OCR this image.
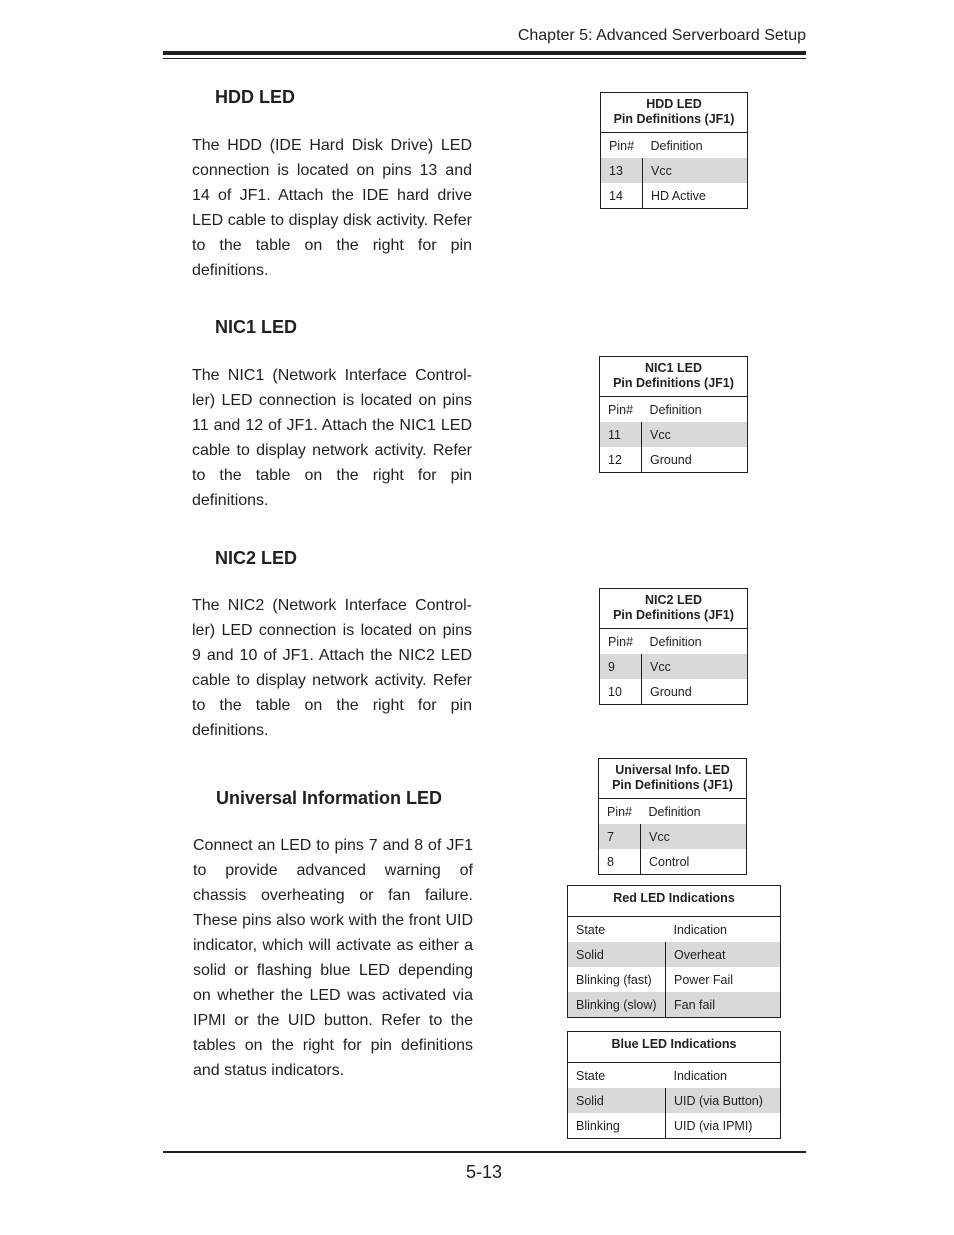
Chapter 5: Advanced Serverboard Setup
HDD LED
The HDD (IDE Hard Disk Drive) LED connection is located on pins 13 and 14 of JF1. Attach the IDE hard drive LED cable to display disk activity. Refer to the table on the right for pin definitions.
HDD LED
Pin Definitions (JF1)	
Pin#	Definition
13	Vcc
14	HD Active
NIC1 LED
The NIC1 (Network Interface Control-ler) LED connection is located on pins 11 and 12 of JF1. Attach the NIC1 LED cable to display network activity. Refer to the table on the right for pin definitions.
NIC1 LED
Pin Definitions (JF1)	
Pin#	Definition
11	Vcc
12	Ground
NIC2 LED
The NIC2 (Network Interface Control-ler) LED connection is located on pins 9 and 10 of JF1. Attach the NIC2 LED cable to display network activity. Refer to the table on the right for pin definitions.
NIC2 LED
Pin Definitions (JF1)	
Pin#	Definition
9	Vcc
10	Ground
Universal Information LED
Connect an LED to pins 7 and 8 of JF1 to provide advanced warning of chassis overheating or fan failure. These pins also work with the front UID indicator, which will activate as either a solid or flashing blue LED depending on whether the LED was activated via IPMI or the UID button. Refer to the tables on the right for pin definitions and status indicators.
Universal Info. LED
Pin Definitions (JF1)	
Pin#	Definition
7	Vcc
8	Control
Red LED Indications	
State	Indication
Solid	Overheat
Blinking (fast)	Power Fail
Blinking (slow)	Fan fail
Blue LED Indications	
State	Indication
Solid	UID (via Button)
Blinking	UID (via IPMI)
5-13
